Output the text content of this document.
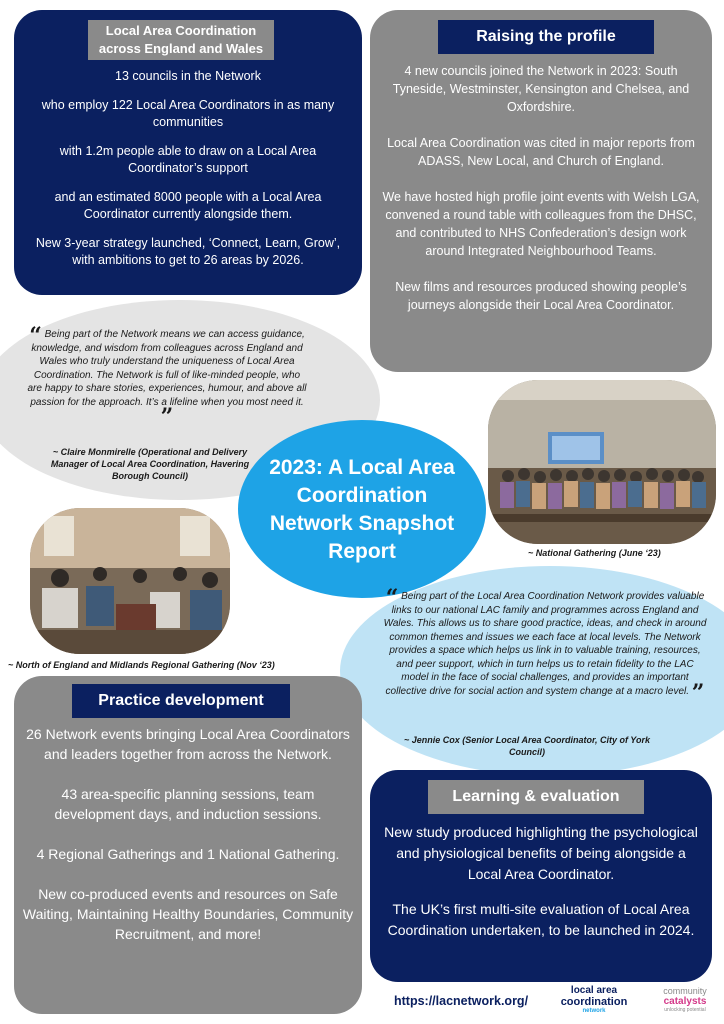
Local Area Coordination across England and Wales

13 councils in the Network

who employ 122 Local Area Coordinators in as many communities

with 1.2m people able to draw on a Local Area Coordinator’s support

and an estimated 8000 people with a Local Area Coordinator currently alongside them.

New 3-year strategy launched, ‘Connect, Learn, Grow’, with ambitions to get to 26 areas by 2026.

Raising the profile

4 new councils joined the Network in 2023: South Tyneside, Westminster, Kensington and Chelsea, and Oxfordshire.

Local Area Coordination was cited in major reports from ADASS, New Local, and Church of England.

We have hosted high profile joint events with Welsh LGA, convened a round table with colleagues from the DHSC, and contributed to NHS Confederation’s design work around Integrated Neighbourhood Teams.

New films and resources produced showing people’s journeys alongside their Local Area Coordinator.

“ Being part of the Network means we can access guidance, knowledge, and wisdom from colleagues across England and Wales who truly understand the uniqueness of Local Area Coordination. The Network is full of like-minded people, who are happy to share stories, experiences, humour, and above all passion for the approach. It’s a lifeline when you most need it. ”

~ Claire Monmirelle (Operational and Delivery Manager of Local Area Coordination, Havering Borough Council)
~ National Gathering (June ‘23)
~ North of England and Midlands Regional Gathering (Nov ‘23)
2023: A Local Area Coordination Network Snapshot Report

“ Being part of the Local Area Coordination Network provides valuable links to our national LAC family and programmes across England and Wales. This allows us to share good practice, ideas, and check in around common themes and issues we each face at local levels. The Network provides a space which helps us link in to valuable training, resources, and peer support, which in turn helps us to retain fidelity to the LAC model in the face of social challenges, and provides an important collective drive for social action and system change at a macro level. ”

~ Jennie Cox (Senior Local Area Coordinator, City of York Council)
Practice development

26 Network events bringing Local Area Coordinators and leaders together from across the Network.

43 area-specific planning sessions, team development days, and induction sessions.

4 Regional Gatherings and 1 National Gathering.

New co-produced events and resources on Safe Waiting, Maintaining Healthy Boundaries, Community Recruitment, and more!

Learning & evaluation

New study produced highlighting the psychological and physiological benefits of being alongside a Local Area Coordinator.

The UK’s first multi-site evaluation of Local Area Coordination undertaken, to be launched in 2024.

https://lacnetwork.org/
local area
coordination
network
community
catalysts
unlocking potential
